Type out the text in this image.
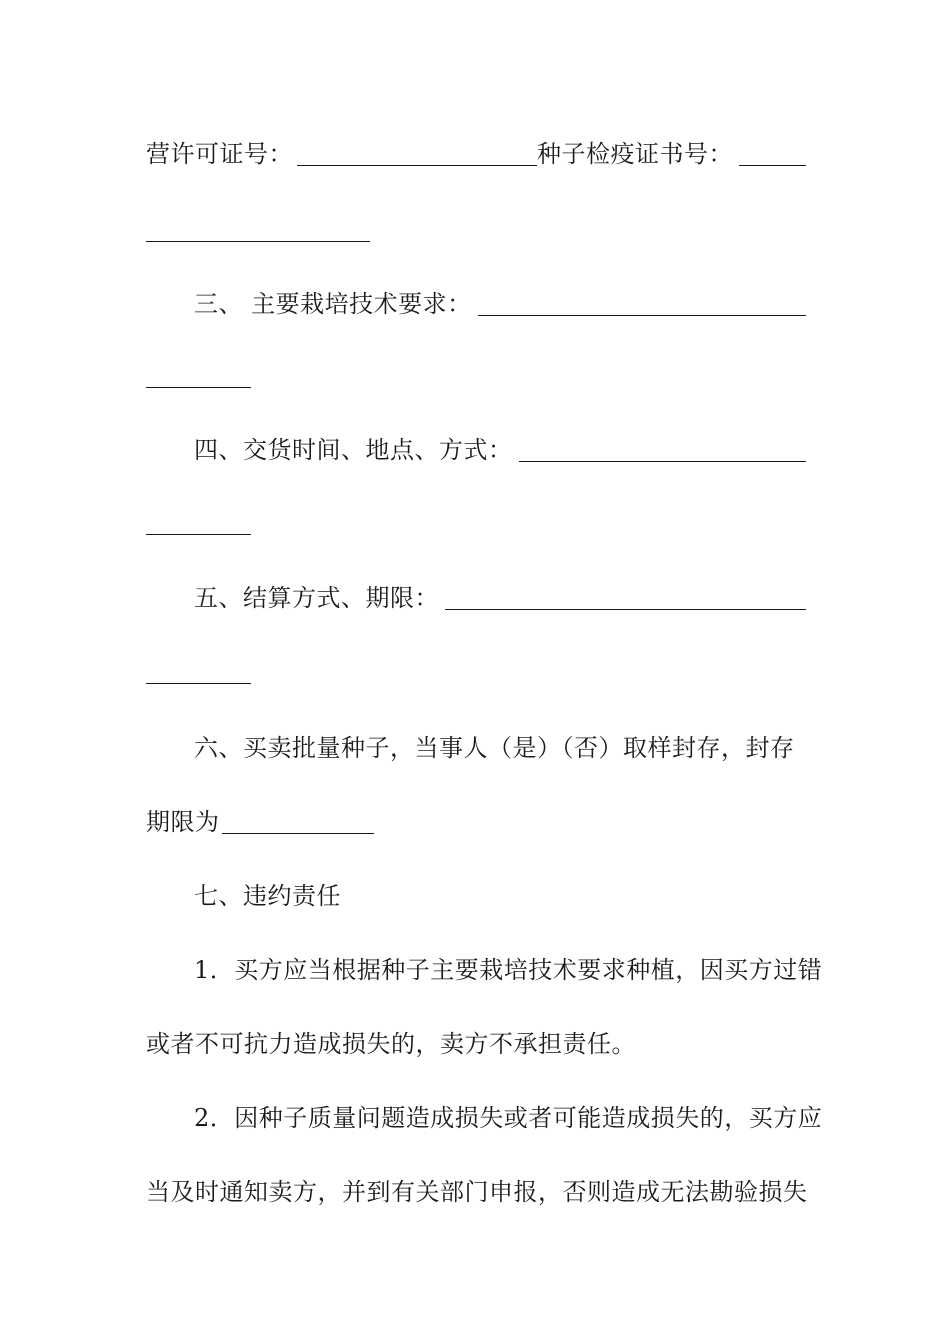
营许可证号：	种子检疫证书号：
三、 主要栽培技术要求：
四、交货时间、地点、方式：
五、结算方式、期限：
六、买卖批量种子，当事人（是）（否）取样封存，封存
期限为
七、违约责任
1．买方应当根据种子主要栽培技术要求种植，因买方过错
或者不可抗力造成损失的，卖方不承担责任。
2．因种子质量问题造成损失或者可能造成损失的，买方应
当及时通知卖方，并到有关部门申报，否则造成无法勘验损失
